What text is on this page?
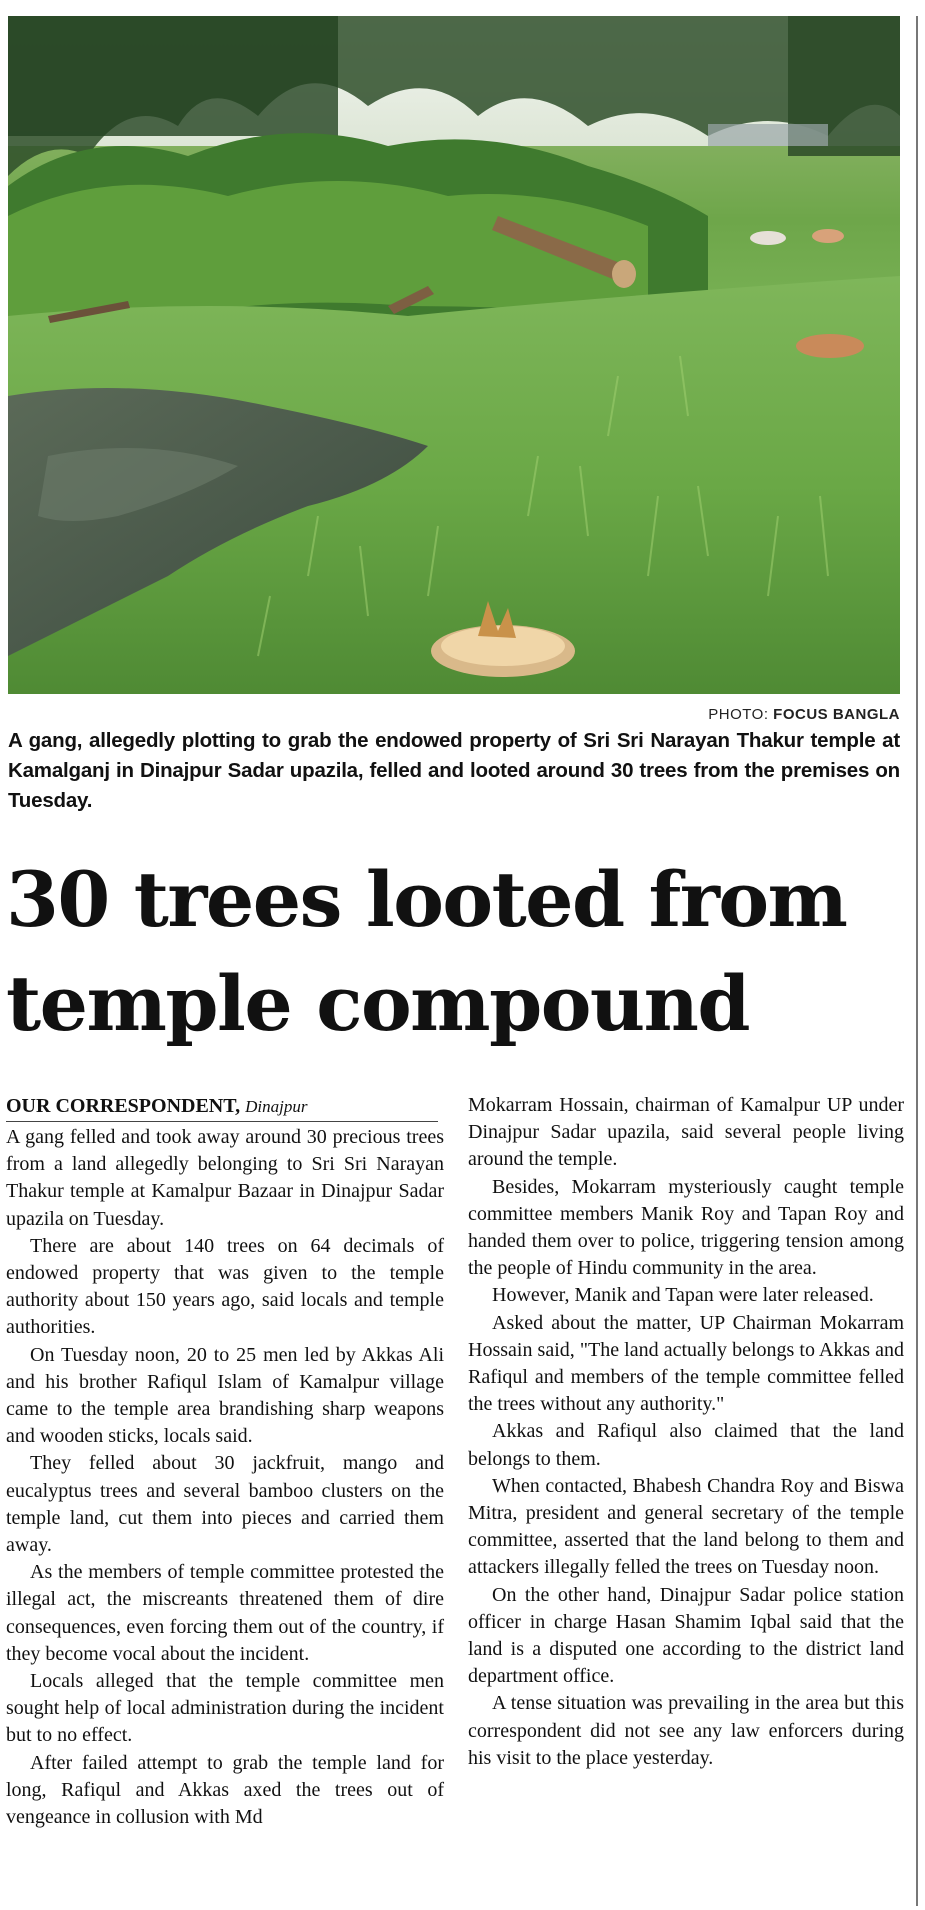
PHOTO: FOCUS BANGLA
A gang, allegedly plotting to grab the endowed property of Sri Sri Narayan Thakur temple at Kamalganj in Dinajpur Sadar upazila, felled and looted around 30 trees from the premises on Tuesday.
30 trees looted from
temple compound
OUR CORRESPONDENT, Dinajpur

A gang felled and took away around 30 precious trees from a land allegedly belonging to Sri Sri Narayan Thakur temple at Kamalpur Bazaar in Dinajpur Sadar upazila on Tuesday.

There are about 140 trees on 64 decimals of endowed property that was given to the temple authority about 150 years ago, said locals and temple authorities.

On Tuesday noon, 20 to 25 men led by Akkas Ali and his brother Rafiqul Islam of Kamalpur village came to the temple area brandishing sharp weapons and wooden sticks, locals said.

They felled about 30 jackfruit, mango and eucalyptus trees and several bamboo clusters on the temple land, cut them into pieces and carried them away.

As the members of temple committee protested the illegal act, the miscreants threatened them of dire consequences, even forcing them out of the country, if they become vocal about the incident.

Locals alleged that the temple committee men sought help of local administration during the incident but to no effect.

After failed attempt to grab the temple land for long, Rafiqul and Akkas axed the trees out of vengeance in collusion with Md

Mokarram Hossain, chairman of Kamalpur UP under Dinajpur Sadar upazila, said several people living around the temple.

Besides, Mokarram mysteriously caught temple committee members Manik Roy and Tapan Roy and handed them over to police, triggering tension among the people of Hindu community in the area.

However, Manik and Tapan were later released.

Asked about the matter, UP Chairman Mokarram Hossain said, "The land actually belongs to Akkas and Rafiqul and members of the temple committee felled the trees without any authority."

Akkas and Rafiqul also claimed that the land belongs to them.

When contacted, Bhabesh Chandra Roy and Biswa Mitra, president and general secretary of the temple committee, asserted that the land belong to them and attackers illegally felled the trees on Tuesday noon.

On the other hand, Dinajpur Sadar police station officer in charge Hasan Shamim Iqbal said that the land is a disputed one according to the district land department office.

A tense situation was prevailing in the area but this correspondent did not see any law enforcers during his visit to the place yesterday.
